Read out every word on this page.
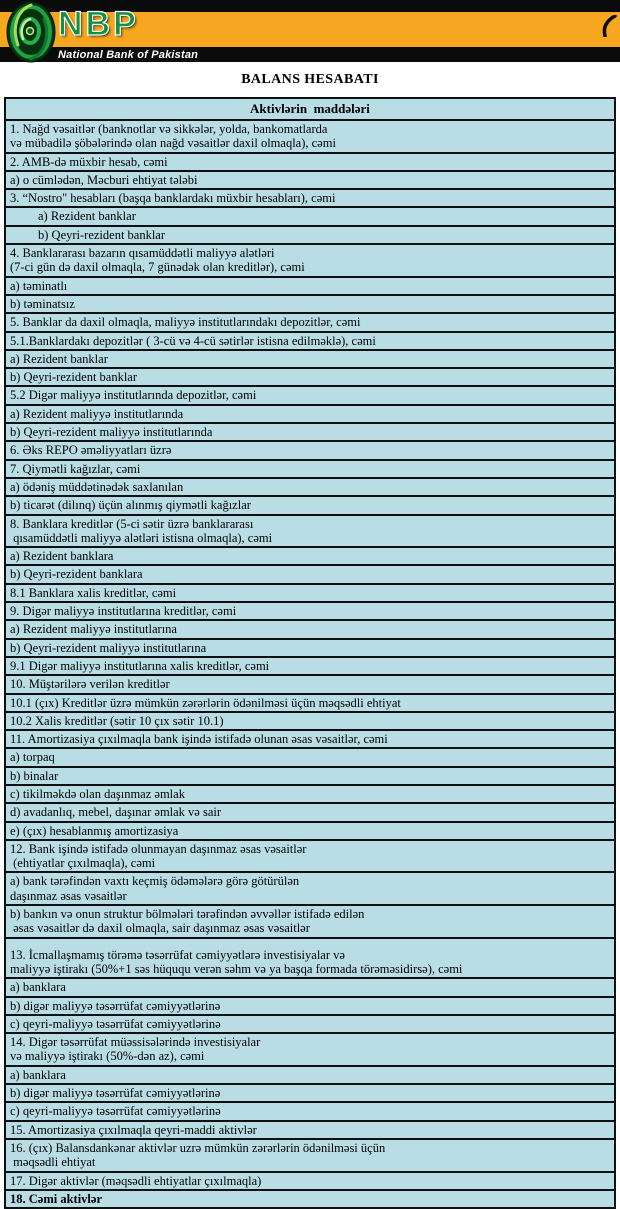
National Bank of Pakistan
NBP
BALANS HESABATI
Aktivlərin  maddələri

1. Nağd vəsaitlər (banknotlar və sikkələr, yolda, bankomatlarda
və mübadilə şöbələrində olan nağd vəsaitlər daxil olmaqla), cəmi

2. AMB-də müxbir hesab, cəmi

a) o cümlədən, Məcburi ehtiyat tələbi

3. “Nostro" hesabları (başqa banklardakı müxbir hesabları), cəmi

a) Rezident banklar

b) Qeyri-rezident banklar

4. Banklararası bazarın qısamüddətli maliyyə alətləri
(7-ci gün də daxil olmaqla, 7 günədək olan kreditlər), cəmi

a) təminatlı

b) təminatsız

5. Banklar da daxil olmaqla, maliyyə institutlarındakı depozitlər, cəmi

5.1.Banklardakı depozitlər ( 3-cü və 4-cü sətirlər istisna edilməklə), cəmi

a) Rezident banklar

b) Qeyri-rezident banklar

5.2 Digər maliyyə institutlarında depozitlər, cəmi

a) Rezident maliyyə institutlarında

b) Qeyri-rezident maliyyə institutlarında

6. Əks REPO əməliyyatları üzrə

7. Qiymətli kağızlar, cəmi

a) ödəniş müddətinədək saxlanılan

b) ticarət (dilınq) üçün alınmış qiymətli kağızlar

8. Banklara kreditlər (5-ci sətir üzrə banklararası
qısamüddətli maliyyə alətləri istisna olmaqla), cəmi

a) Rezident banklara

b) Qeyri-rezident banklara

8.1 Banklara xalis kreditlər, cəmi

9. Digər maliyyə institutlarına kreditlər, cəmi

a) Rezident maliyyə institutlarına

b) Qeyri-rezident maliyyə institutlarına

9.1 Digər maliyyə institutlarına xalis kreditlər, cəmi

10. Müştərilərə verilən kreditlər

10.1 (çıx) Kreditlər üzrə mümkün zərərlərin ödənilməsi üçün məqsədli ehtiyat

10.2 Xalis kreditlər (sətir 10 çıx sətir 10.1)

11. Amortizasiya çıxılmaqla bank işində istifadə olunan əsas vəsaitlər, cəmi

a) torpaq

b) binalar

c) tikilməkdə olan daşınmaz əmlak

d) avadanlıq, mebel, daşınar əmlak və sair

e) (çıx) hesablanmış amortizasiya

12. Bank işində istifadə olunmayan daşınmaz əsas vəsaitlər
(ehtiyatlar çıxılmaqla), cəmi

a) bank tərəfindən vaxtı keçmiş ödəmələrə görə götürülən
daşınmaz əsas vəsaitlər

b) bankın və onun struktur bölmələri tərəfindən əvvəllər istifadə edilən
əsas vəsaitlər də daxil olmaqla, sair daşınmaz əsas vəsaitlər

13. İcmallaşmamış törəmə təsərrüfat cəmiyyətlərə investisiyalar və
maliyyə iştirakı (50%+1 səs hüququ verən səhm və ya başqa formada törəməsidirsə), cəmi

a) banklara

b) digər maliyyə təsərrüfat cəmiyyətlərinə

c) qeyri-maliyyə təsərrüfat cəmiyyətlərinə

14. Digər təsərrüfat müəssisələrində investisiyalar
və maliyyə iştirakı (50%-dən az), cəmi

a) banklara

b) digər maliyyə təsərrüfat cəmiyyətlərinə

c) qeyri-maliyyə təsərrüfat cəmiyyətlərinə

15. Amortizasiya çıxılmaqla qeyri-maddi aktivlər

16. (çıx) Balansdankənar aktivlər uzrə mümkün zərərlərin ödənilməsi üçün
məqsədli ehtiyat

17. Digər aktivlər (məqsədli ehtiyatlar çıxılmaqla)

18. Cəmi aktivlər
